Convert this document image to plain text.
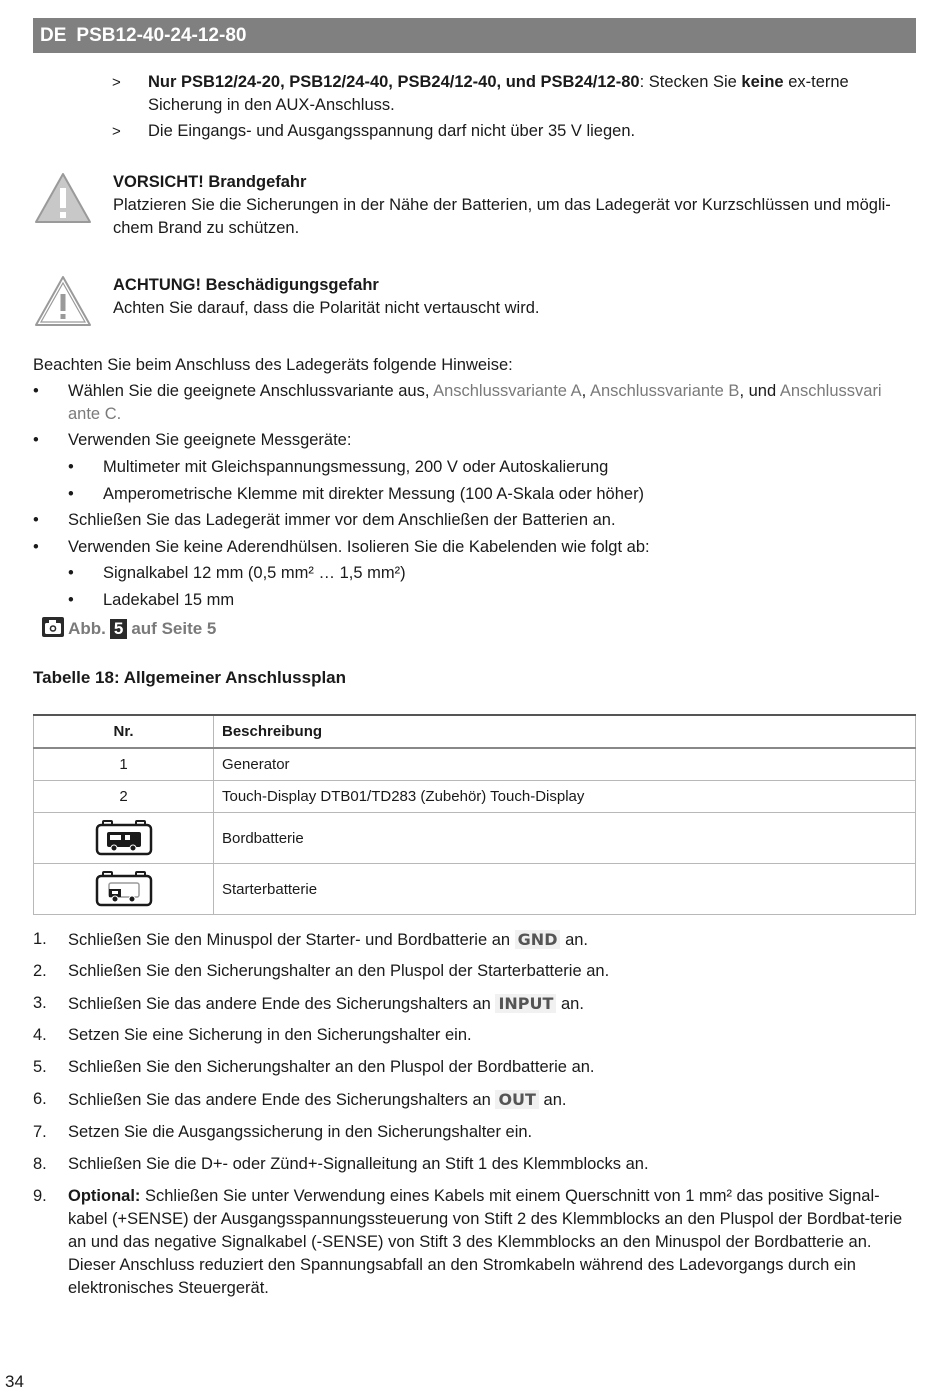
DE PSB12-40-24-12-80
> Nur PSB12/24-20, PSB12/24-40, PSB24/12-40, und PSB24/12-80: Stecken Sie keine ex-terne Sicherung in den AUX-Anschluss.
> Die Eingangs- und Ausgangsspannung darf nicht über 35 V liegen.
VORSICHT! Brandgefahr
Platzieren Sie die Sicherungen in der Nähe der Batterien, um das Ladegerät vor Kurzschlüssen und mögli-chem Brand zu schützen.
ACHTUNG! Beschädigungsgefahr
Achten Sie darauf, dass die Polarität nicht vertauscht wird.
Beachten Sie beim Anschluss des Ladegeräts folgende Hinweise:
• Wählen Sie die geeignete Anschlussvariante aus, Anschlussvariante A, Anschlussvariante B, und Anschlussvari ante C.
• Verwenden Sie geeignete Messgeräte:
• Multimeter mit Gleichspannungsmessung, 200 V oder Autoskalierung
• Amperometrische Klemme mit direkter Messung (100 A-Skala oder höher)
• Schließen Sie das Ladegerät immer vor dem Anschließen der Batterien an.
• Verwenden Sie keine Aderendhülsen. Isolieren Sie die Kabelenden wie folgt ab:
• Signalkabel 12 mm (0,5 mm² … 1,5 mm²)
• Ladekabel 15 mm
Abb. 5 auf Seite 5
Tabelle 18: Allgemeiner Anschlussplan
Nr.	Beschreibung
1	Generator
2	Touch-Display DTB01/TD283 (Zubehör) Touch-Display
	Bordbatterie
	Starterbatterie
1. Schließen Sie den Minuspol der Starter- und Bordbatterie an GND an.
2. Schließen Sie den Sicherungshalter an den Pluspol der Starterbatterie an.
3. Schließen Sie das andere Ende des Sicherungshalters an INPUT an.
4. Setzen Sie eine Sicherung in den Sicherungshalter ein.
5. Schließen Sie den Sicherungshalter an den Pluspol der Bordbatterie an.
6. Schließen Sie das andere Ende des Sicherungshalters an OUT an.
7. Setzen Sie die Ausgangssicherung in den Sicherungshalter ein.
8. Schließen Sie die D+- oder Zünd+-Signalleitung an Stift 1 des Klemmblocks an.
9. Optional: Schließen Sie unter Verwendung eines Kabels mit einem Querschnitt von 1 mm² das positive Signal-kabel (+SENSE) der Ausgangsspannungssteuerung von Stift 2 des Klemmblocks an den Pluspol der Bordbat-terie an und das negative Signalkabel (-SENSE) von Stift 3 des Klemmblocks an den Minuspol der Bordbatterie an. Dieser Anschluss reduziert den Spannungsabfall an den Stromkabeln während des Ladevorgangs durch ein elektronisches Steuergerät.
34
